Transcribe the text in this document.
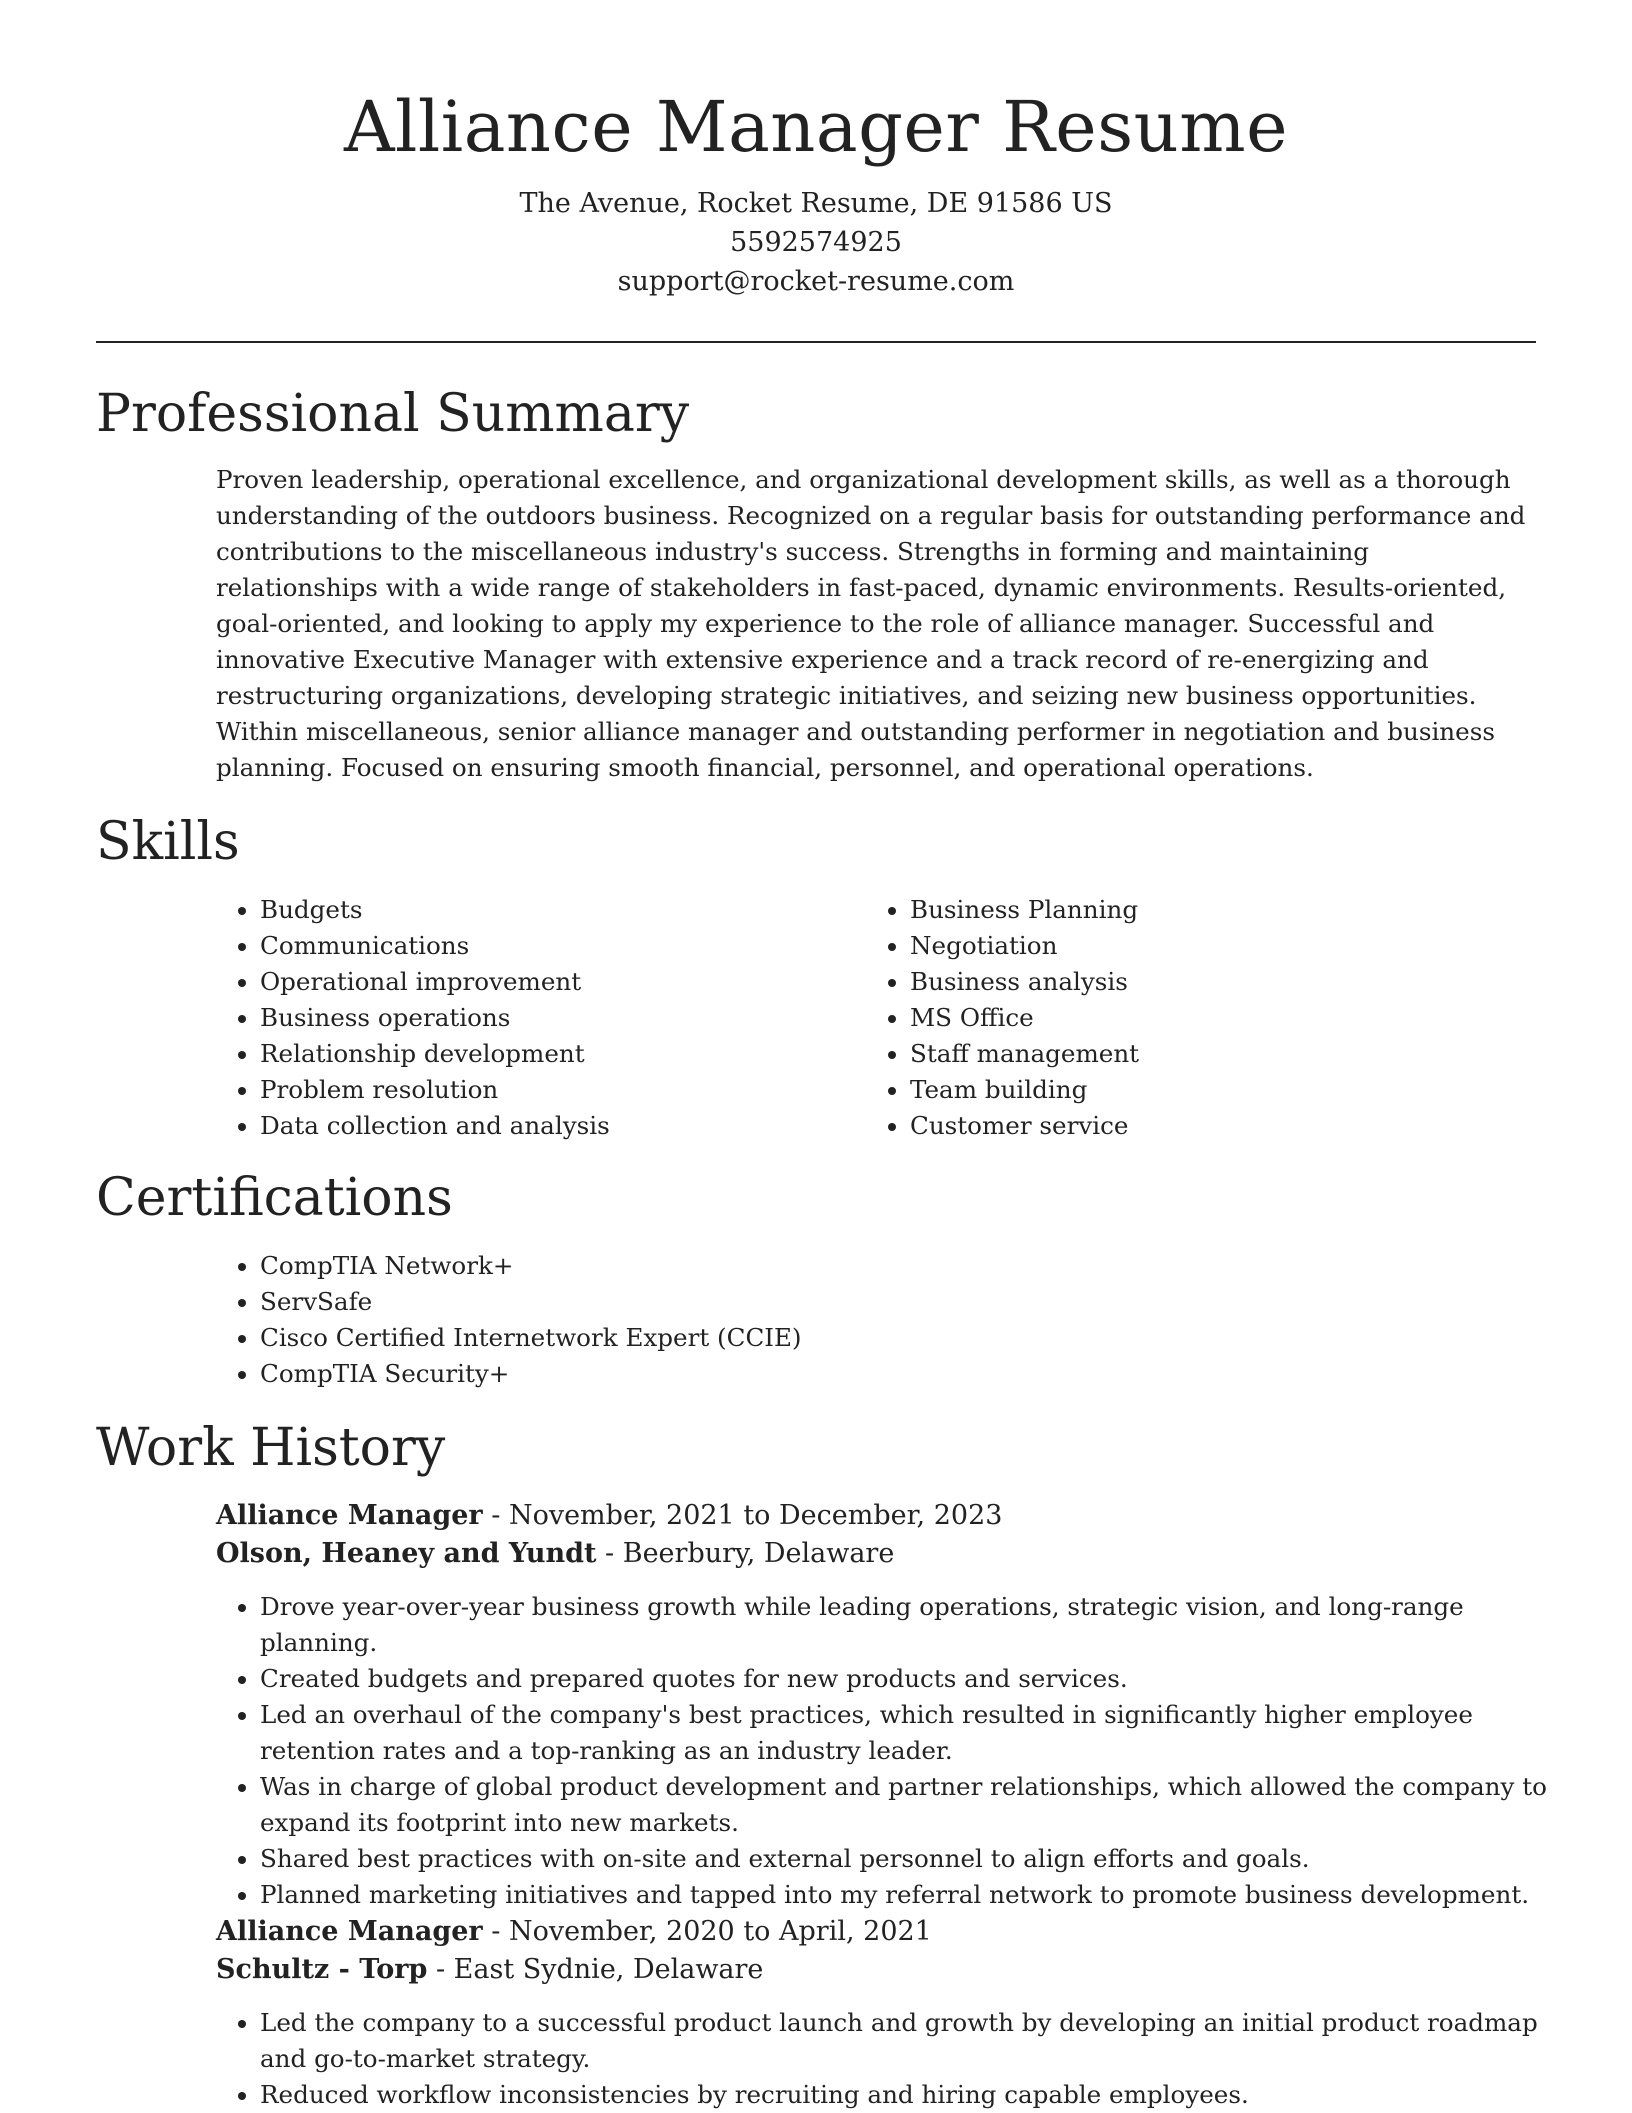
Alliance Manager Resume
The Avenue, Rocket Resume, DE 91586 US
5592574925
support@rocket-resume.com
Professional Summary
Proven leadership, operational excellence, and organizational development skills, as well as a thorough understanding of the outdoors business. Recognized on a regular basis for outstanding performance and contributions to the miscellaneous industry's success. Strengths in forming and maintaining relationships with a wide range of stakeholders in fast-paced, dynamic environments. Results-oriented, goal-oriented, and looking to apply my experience to the role of alliance manager. Successful and innovative Executive Manager with extensive experience and a track record of re-energizing and restructuring organizations, developing strategic initiatives, and seizing new business opportunities. Within miscellaneous, senior alliance manager and outstanding performer in negotiation and business planning. Focused on ensuring smooth financial, personnel, and operational operations.
Skills
• Budgets
• Communications
• Operational improvement
• Business operations
• Relationship development
• Problem resolution
• Data collection and analysis
• Business Planning
• Negotiation
• Business analysis
• MS Office
• Staff management
• Team building
• Customer service
Certifications
• CompTIA Network+
• ServSafe
• Cisco Certified Internetwork Expert (CCIE)
• CompTIA Security+
Work History
Alliance Manager - November, 2021 to December, 2023
Olson, Heaney and Yundt - Beerbury, Delaware
• Drove year-over-year business growth while leading operations, strategic vision, and long-range planning.
• Created budgets and prepared quotes for new products and services.
• Led an overhaul of the company's best practices, which resulted in significantly higher employee retention rates and a top-ranking as an industry leader.
• Was in charge of global product development and partner relationships, which allowed the company to expand its footprint into new markets.
• Shared best practices with on-site and external personnel to align efforts and goals.
• Planned marketing initiatives and tapped into my referral network to promote business development.
Alliance Manager - November, 2020 to April, 2021
Schultz - Torp - East Sydnie, Delaware
• Led the company to a successful product launch and growth by developing an initial product roadmap and go-to-market strategy.
• Reduced workflow inconsistencies by recruiting and hiring capable employees.
